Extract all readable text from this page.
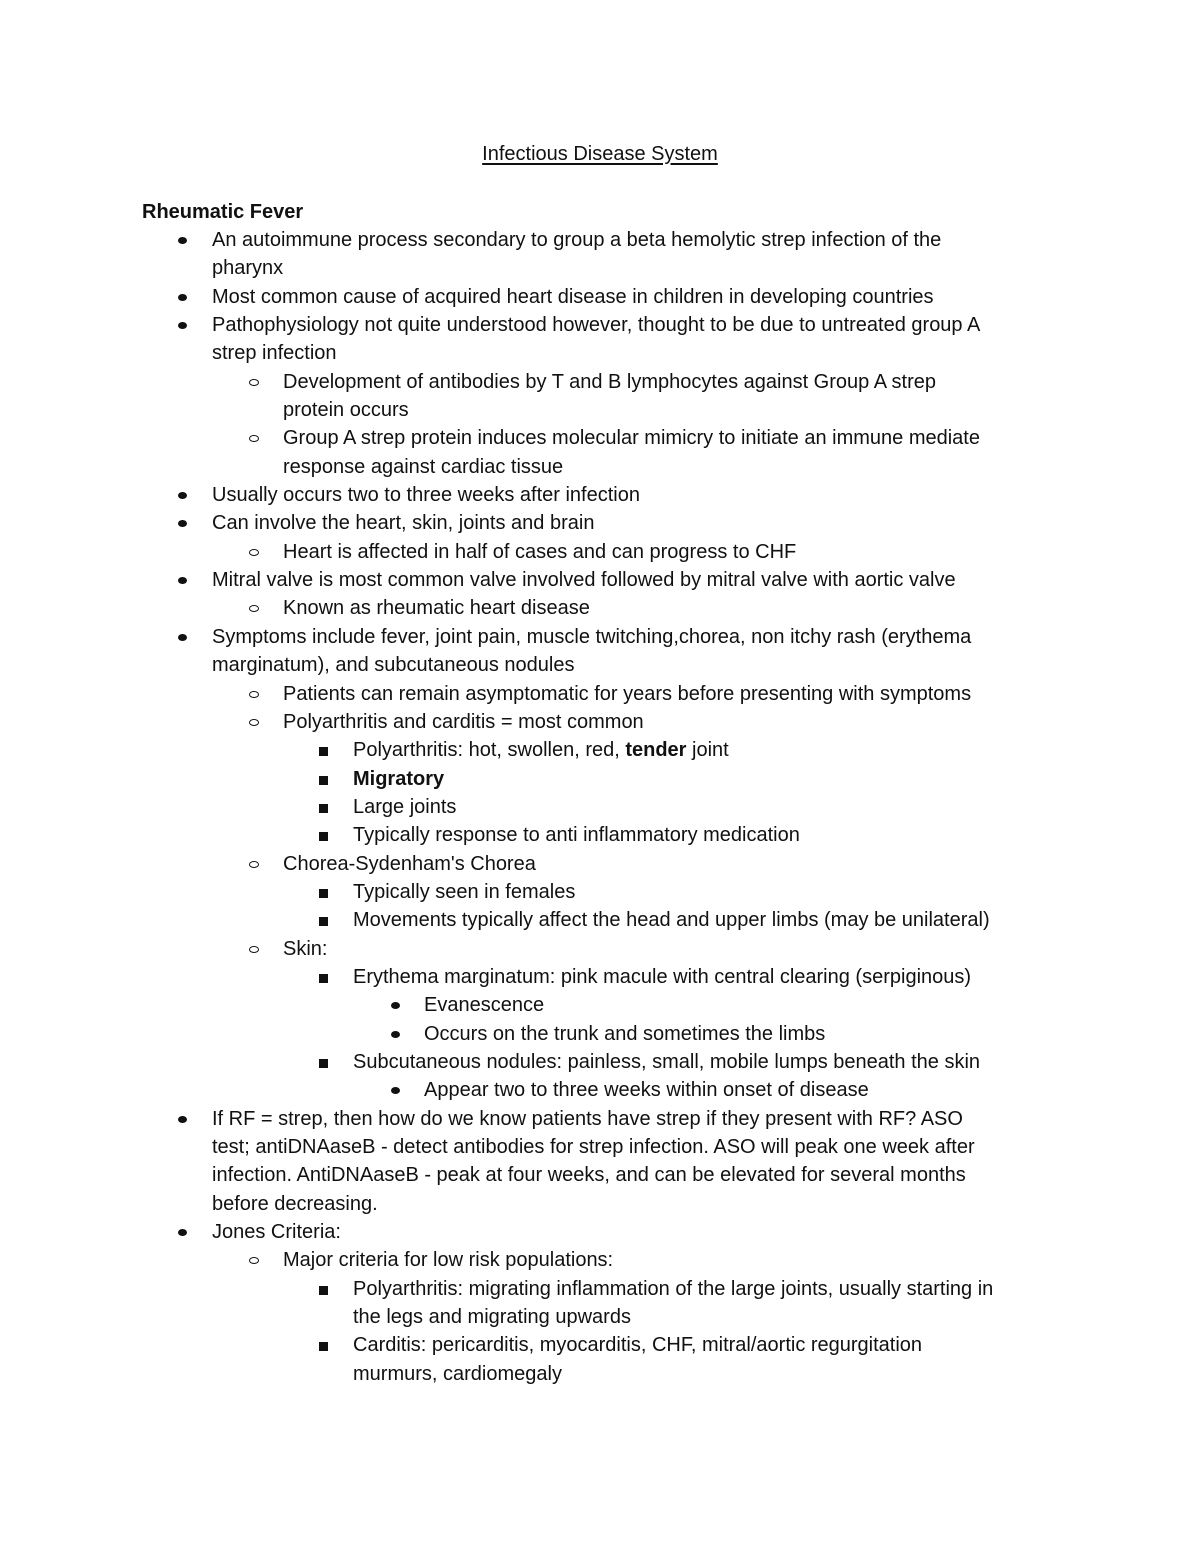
Infectious Disease System
Rheumatic Fever
An autoimmune process secondary to group a beta hemolytic strep infection of the
pharynx
Most common cause of acquired heart disease in children in developing countries
Pathophysiology not quite understood however, thought to be due to untreated group A
strep infection
Development of antibodies by T and B lymphocytes against Group A strep
protein occurs
Group A strep protein induces molecular mimicry to initiate an immune mediate
response against cardiac tissue
Usually occurs two to three weeks after infection
Can involve the heart, skin, joints and brain
Heart is affected in half of cases and can progress to CHF
Mitral valve is most common valve involved followed by mitral valve with aortic valve
Known as rheumatic heart disease
Symptoms include fever, joint pain, muscle twitching,chorea, non itchy rash (erythema
marginatum), and subcutaneous nodules
Patients can remain asymptomatic for years before presenting with symptoms
Polyarthritis and carditis = most common
Polyarthritis: hot, swollen, red, tender joint
Migratory
Large joints
Typically response to anti inflammatory medication
Chorea-Sydenham's Chorea
Typically seen in females
Movements typically affect the head and upper limbs (may be unilateral)
Skin:
Erythema marginatum: pink macule with central clearing (serpiginous)
Evanescence
Occurs on the trunk and sometimes the limbs
Subcutaneous nodules: painless, small, mobile lumps beneath the skin
Appear two to three weeks within onset of disease
If RF = strep, then how do we know patients have strep if they present with RF? ASO
test; antiDNAaseB - detect antibodies for strep infection. ASO will peak one week after
infection. AntiDNAaseB - peak at four weeks, and can be elevated for several months
before decreasing.
Jones Criteria:
Major criteria for low risk populations:
Polyarthritis: migrating inflammation of the large joints, usually starting in
the legs and migrating upwards
Carditis: pericarditis, myocarditis, CHF, mitral/aortic regurgitation
murmurs, cardiomegaly
